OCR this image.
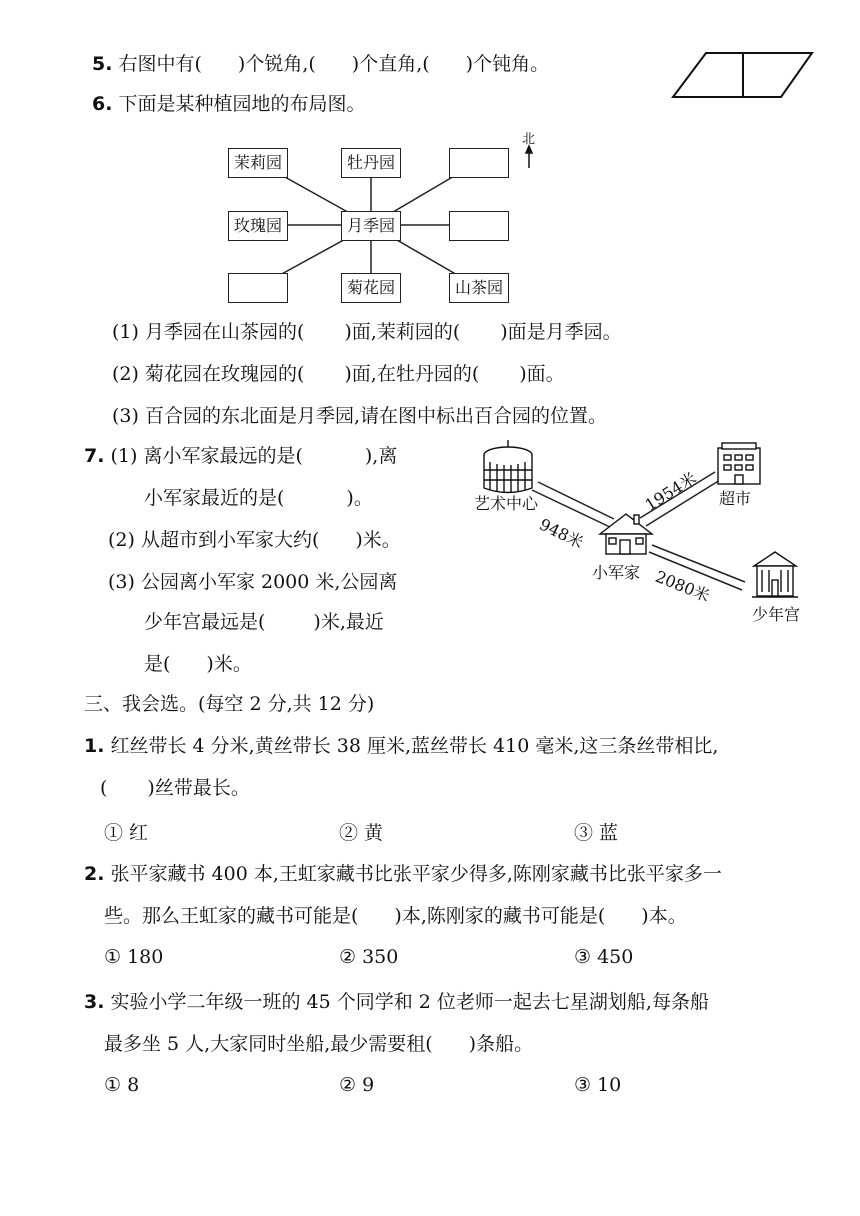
5. 右图中有( )个锐角,( )个直角,( )个钝角。
6. 下面是某种植园地的布局图。
北
茉莉园	牡丹园
玫瑰园	月季园
菊花园	山茶园
(1) 月季园在山茶园的( )面,茉莉园的( )面是月季园。
(2) 菊花园在玫瑰园的( )面,在牡丹园的( )面。
(3) 百合园的东北面是月季园,请在图中标出百合园的位置。
7. (1) 离小军家最远的是(	),离
小军家最近的是(	)。
(2) 从超市到小军家大约( )米。
(3) 公园离小军家 2000 米,公园离
少年宫最远是(	)米,最近
是( )米。
艺术中心	超市
小军家
少年宫
948米
1954米
2080米
三、我会选。(每空 2 分,共 12 分)
1. 红丝带长 4 分米,黄丝带长 38 厘米,蓝丝带长 410 毫米,这三条丝带相比,
( )丝带最长。
① 红	② 黄	③ 蓝
2. 张平家藏书 400 本,王虹家藏书比张平家少得多,陈刚家藏书比张平家多一
些。那么王虹家的藏书可能是( )本,陈刚家的藏书可能是( )本。
① 180	② 350	③ 450
3. 实验小学二年级一班的 45 个同学和 2 位老师一起去七星湖划船,每条船
最多坐 5 人,大家同时坐船,最少需要租( )条船。
① 8	② 9	③ 10
